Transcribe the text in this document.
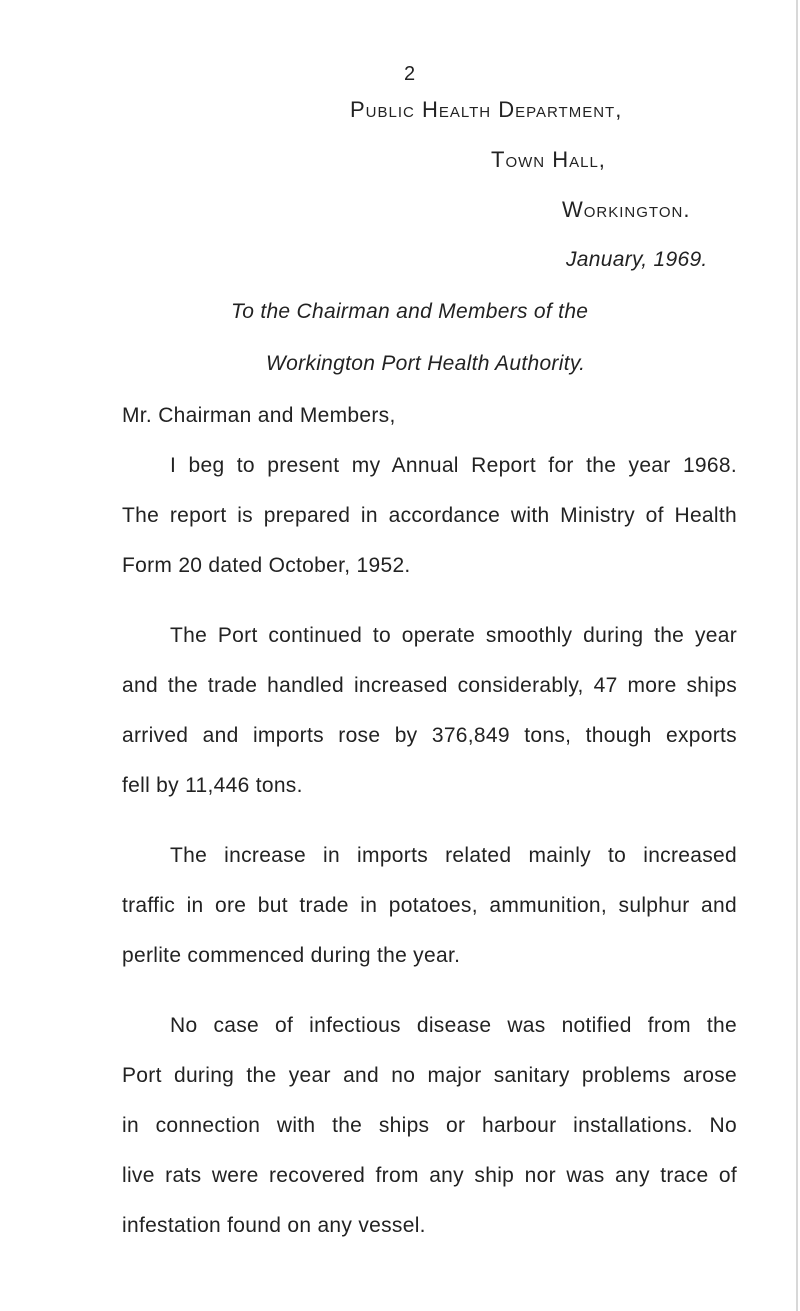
2
Public Health Department,
Town Hall,
Workington.
January, 1969.
To the Chairman and Members of the
Workington Port Health Authority.
Mr. Chairman and Members,
I beg to present my Annual Report for the year 1968.
The report is prepared in accordance with Ministry of Health
Form 20 dated October, 1952.
The Port continued to operate smoothly during the year
and the trade handled increased considerably, 47 more ships
arrived and imports rose by 376,849 tons, though exports
fell by 11,446 tons.
The increase in imports related mainly to increased
traffic in ore but trade in potatoes, ammunition, sulphur and
perlite commenced during the year.
No case of infectious disease was notified from the
Port during the year and no major sanitary problems arose
in connection with the ships or harbour installations. No
live rats were recovered from any ship nor was any trace of
infestation found on any vessel.
